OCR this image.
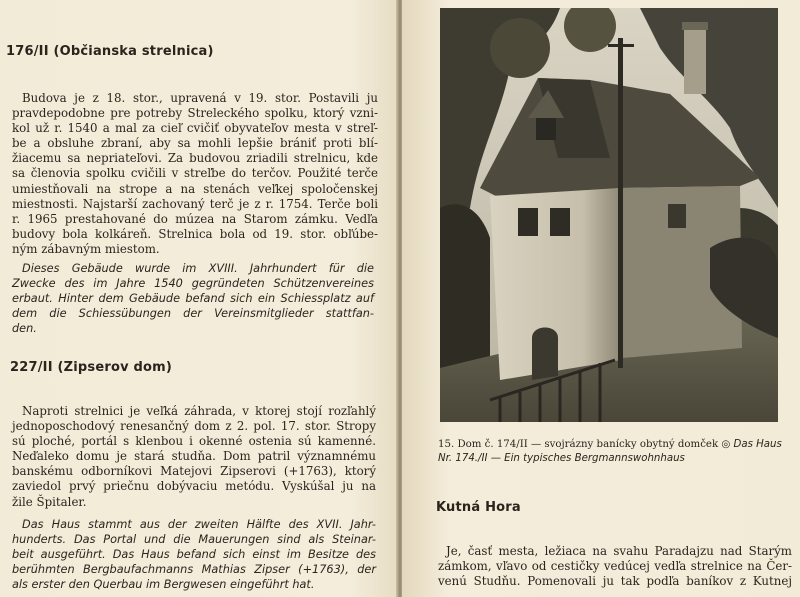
176/II (Občianska strelnica)
Budova je z 18. stor., upravená v 19. stor. Postavili ju
pravdepodobne pre potreby Streleckého spolku, ktorý vzni-
kol už r. 1540 a mal za cieľ cvičiť obyvateľov mesta v streľ-
be a obsluhe zbraní, aby sa mohli lepšie brániť proti blí-
žiacemu sa nepriateľovi. Za budovou zriadili strelnicu, kde
sa členovia spolku cvičili v streľbe do terčov. Použité terče
umiestňovali na strope a na stenách veľkej spoločenskej
miestnosti. Najstarší zachovaný terč je z r. 1754. Terče boli
r. 1965 prestahované do múzea na Starom zámku. Vedľa
budovy bola kolkáreň. Strelnica bola od 19. stor. obľúbe-
ným zábavným miestom.
Dieses Gebäude wurde im XVIII. Jahrhundert für die
Zwecke des im Jahre 1540 gegründeten Schützenvereines
erbaut. Hinter dem Gebäude befand sich ein Schiessplatz auf
dem die Schiessübungen der Vereinsmitglieder stattfan-
den.
227/II (Zipserov dom)
Naproti strelnici je veľká záhrada, v ktorej stojí rozľahlý
jednoposchodový renesančný dom z 2. pol. 17. stor. Stropy
sú ploché, portál s klenbou i okenné ostenia sú kamenné.
Neďaleko domu je stará studňa. Dom patril významnému
banskému odborníkovi Matejovi Zipserovi (+1763), ktorý
zaviedol prvý priečnu dobývaciu metódu. Vyskúšal ju na
žile Špitaler.
Das Haus stammt aus der zweiten Hälfte des XVII. Jahr-
hunderts. Das Portal und die Mauerungen sind als Steinar-
beit ausgeführt. Das Haus befand sich einst im Besitze des
berühmten Bergbaufachmanns Mathias Zipser (+1763), der
als erster den Querbau im Bergwesen eingeführt hat.

15. Dom č. 174/II — svojrázny banícky obytný domček ◎ Das Haus Nr. 174./II — Ein typisches Bergmannswohnhaus

Kutná Hora
Je, časť mesta, ležiaca na svahu Paradajzu nad Starým
zámkom, vľavo od cestičky vedúcej vedľa strelnice na Čer-
venú Studňu. Pomenovali ju tak podľa baníkov z Kutnej
